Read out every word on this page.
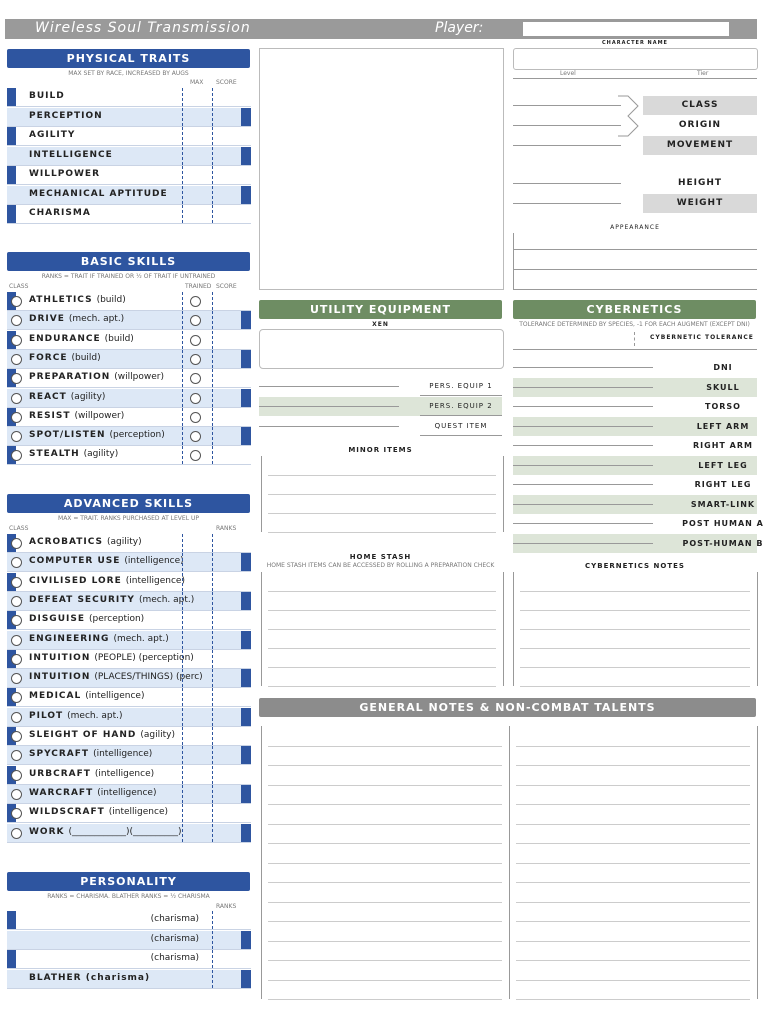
Wireless Soul Transmission	Player:
PHYSICAL TRAITS
MAX SET BY RACE, INCREASED BY AUGS
MAX SCORE
BUILD
PERCEPTION
AGILITY
INTELLIGENCE
WILLPOWER
MECHANICAL APTITUDE
CHARISMA
BASIC SKILLS
RANKS = TRAIT IF TRAINED OR ½ OF TRAIT IF UNTRAINED
CLASS	TRAINED SCORE
ATHLETICS (build)
DRIVE (mech. apt.)
ENDURANCE (build)
FORCE (build)
PREPARATION (willpower)
REACT (agility)
RESIST (willpower)
SPOT/LISTEN (perception)
STEALTH (agility)
ADVANCED SKILLS
MAX = TRAIT. RANKS PURCHASED AT LEVEL UP
CLASS	RANKS
ACROBATICS (agility)
COMPUTER USE (intelligence)
CIVILISED LORE (intelligence)
DEFEAT SECURITY (mech. apt.)
DISGUISE (perception)
ENGINEERING (mech. apt.)
INTUITION (PEOPLE) (perception)
INTUITION (PLACES/THINGS) (perc)
MEDICAL (intelligence)
PILOT (mech. apt.)
SLEIGHT OF HAND (agility)
SPYCRAFT (intelligence)
URBCRAFT (intelligence)
WARCRAFT (intelligence)
WILDSCRAFT (intelligence)
WORK (____________)(__________)
PERSONALITY
RANKS = CHARISMA. BLATHER RANKS = ½ CHARISMA
RANKS
(charisma)
(charisma)
(charisma)
BLATHER (charisma)
CHARACTER NAME
Level	Tier
CLASS
ORIGIN
MOVEMENT
HEIGHT
WEIGHT
APPEARANCE
UTILITY EQUIPMENT
XEN
PERS. EQUIP 1
PERS. EQUIP 2
QUEST ITEM
MINOR ITEMS
HOME STASH
HOME STASH ITEMS CAN BE ACCESSED BY ROLLING A PREPARATION CHECK
CYBERNETICS
TOLERANCE DETERMINED BY SPECIES, -1 FOR EACH AUGMENT (EXCEPT DNI)
CYBERNETIC TOLERANCE
DNI
SKULL
TORSO
LEFT ARM
RIGHT ARM
LEFT LEG
RIGHT LEG
SMART-LINK
POST HUMAN A
POST-HUMAN B
CYBERNETICS NOTES
GENERAL NOTES & NON-COMBAT TALENTS
